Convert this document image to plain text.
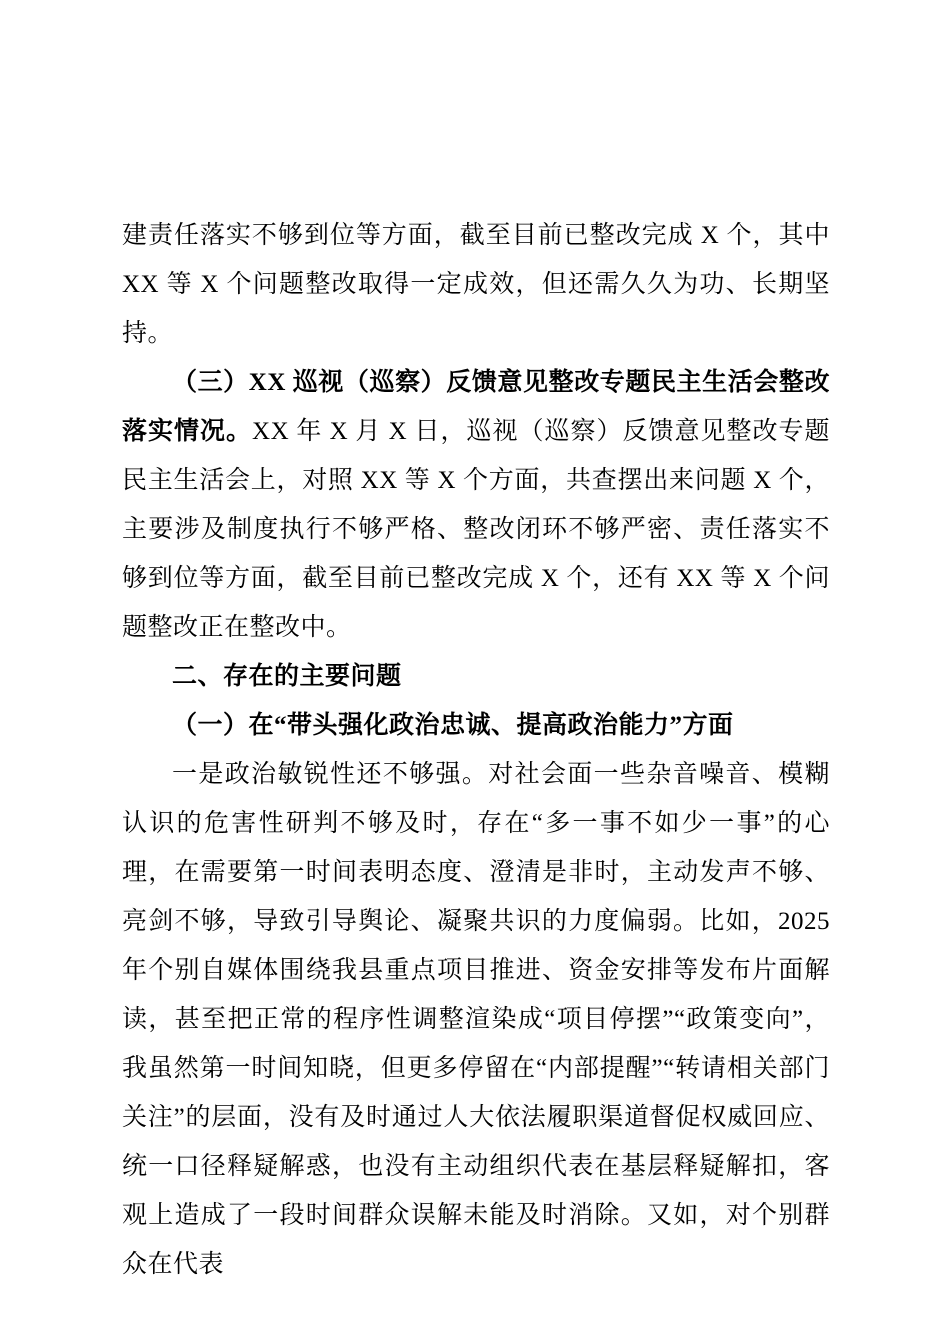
建责任落实不够到位等方面，截至目前已整改完成 X 个，其中 XX 等 X 个问题整改取得一定成效，但还需久久为功、长期坚持。

（三）XX 巡视（巡察）反馈意见整改专题民主生活会整改落实情况。XX 年 X 月 X 日，巡视（巡察）反馈意见整改专题民主生活会上，对照 XX 等 X 个方面，共查摆出来问题 X 个，主要涉及制度执行不够严格、整改闭环不够严密、责任落实不够到位等方面，截至目前已整改完成 X 个，还有 XX 等 X 个问题整改正在整改中。

二、存在的主要问题
（一）在“带头强化政治忠诚、提高政治能力”方面

一是政治敏锐性还不够强。对社会面一些杂音噪音、模糊认识的危害性研判不够及时，存在“多一事不如少一事”的心理，在需要第一时间表明态度、澄清是非时，主动发声不够、亮剑不够，导致引导舆论、凝聚共识的力度偏弱。比如，2025 年个别自媒体围绕我县重点项目推进、资金安排等发布片面解读，甚至把正常的程序性调整渲染成“项目停摆”“政策变向”，我虽然第一时间知晓，但更多停留在“内部提醒”“转请相关部门关注”的层面，没有及时通过人大依法履职渠道督促权威回应、统一口径释疑解惑，也没有主动组织代表在基层释疑解扣，客观上造成了一段时间群众误解未能及时消除。又如，对个别群众在代表
